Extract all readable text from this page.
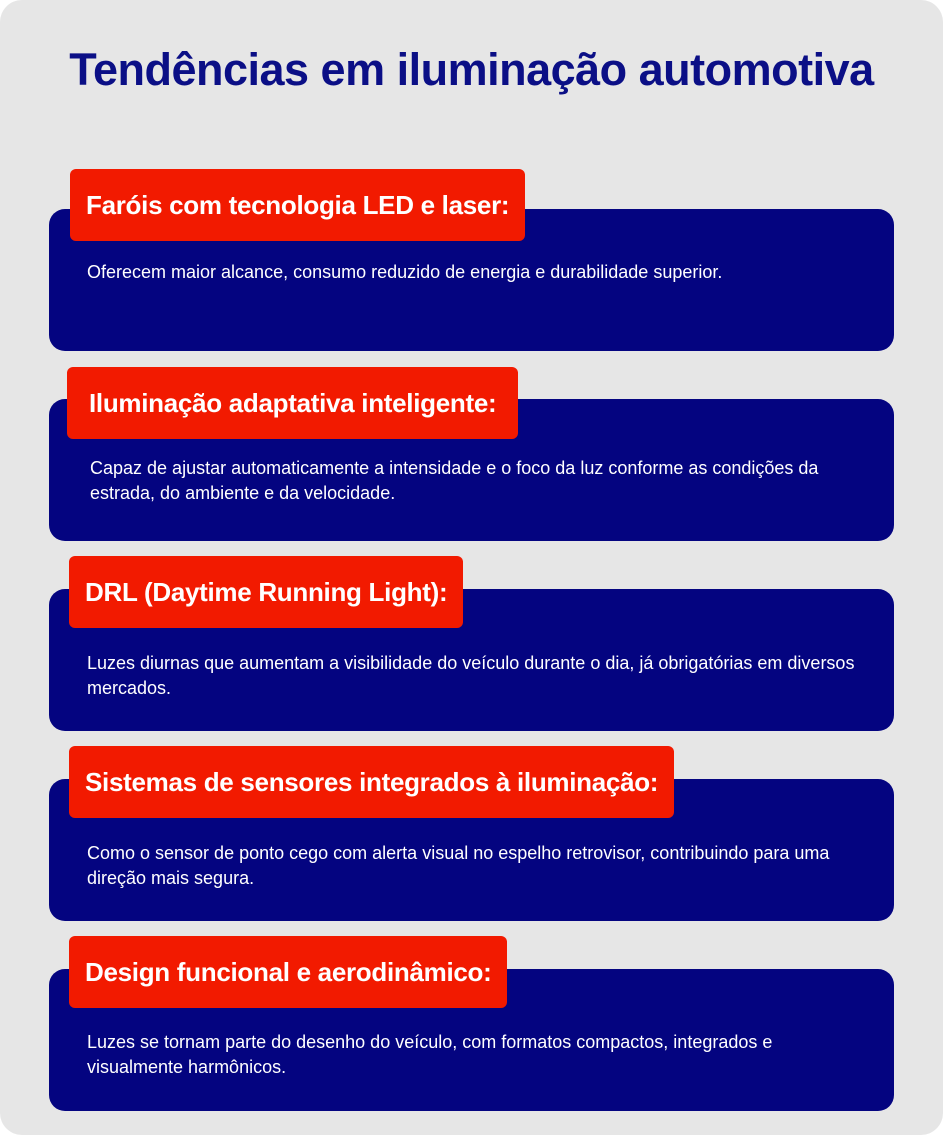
Tendências em iluminação automotiva
Oferecem maior alcance, consumo reduzido de energia e durabilidade superior.
Faróis com tecnologia LED e laser:
Capaz de ajustar automaticamente a intensidade e o foco da luz conforme as condições da estrada, do ambiente e da velocidade.
Iluminação adaptativa inteligente:
Luzes diurnas que aumentam a visibilidade do veículo durante o dia, já obrigatórias em diversos mercados.
DRL (Daytime Running Light):
Como o sensor de ponto cego com alerta visual no espelho retrovisor, contribuindo para uma direção mais segura.
Sistemas de sensores integrados à iluminação:
Luzes se tornam parte do desenho do veículo, com formatos compactos, integrados e visualmente harmônicos.
Design funcional e aerodinâmico:
